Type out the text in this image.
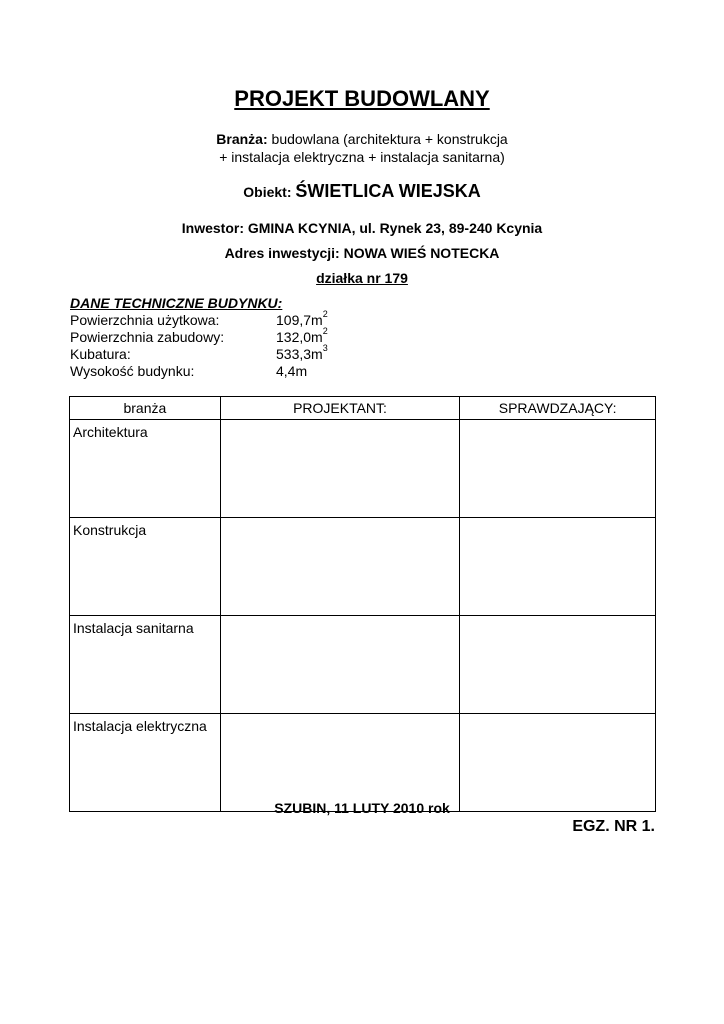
PROJEKT BUDOWLANY
Branża: budowlana (architektura + konstrukcja
+ instalacja elektryczna + instalacja sanitarna)
Obiekt: ŚWIETLICA WIEJSKA
Inwestor: GMINA KCYNIA, ul. Rynek 23, 89-240 Kcynia
Adres inwestycji: NOWA WIEŚ NOTECKA
działka nr 179
DANE TECHNICZNE BUDYNKU:
Powierzchnia użytkowa:	$109,7m^2$
Powierzchnia zabudowy:	$132,0m^2$
Kubatura:	$533,3m^3$
Wysokość budynku:	4,4m
branża	PROJEKTANT:	SPRAWDZAJĄCY:
Architektura		
Konstrukcja		
Instalacja sanitarna		
Instalacja elektryczna		
SZUBIN, 11 LUTY 2010 rok
EGZ. NR 1.
